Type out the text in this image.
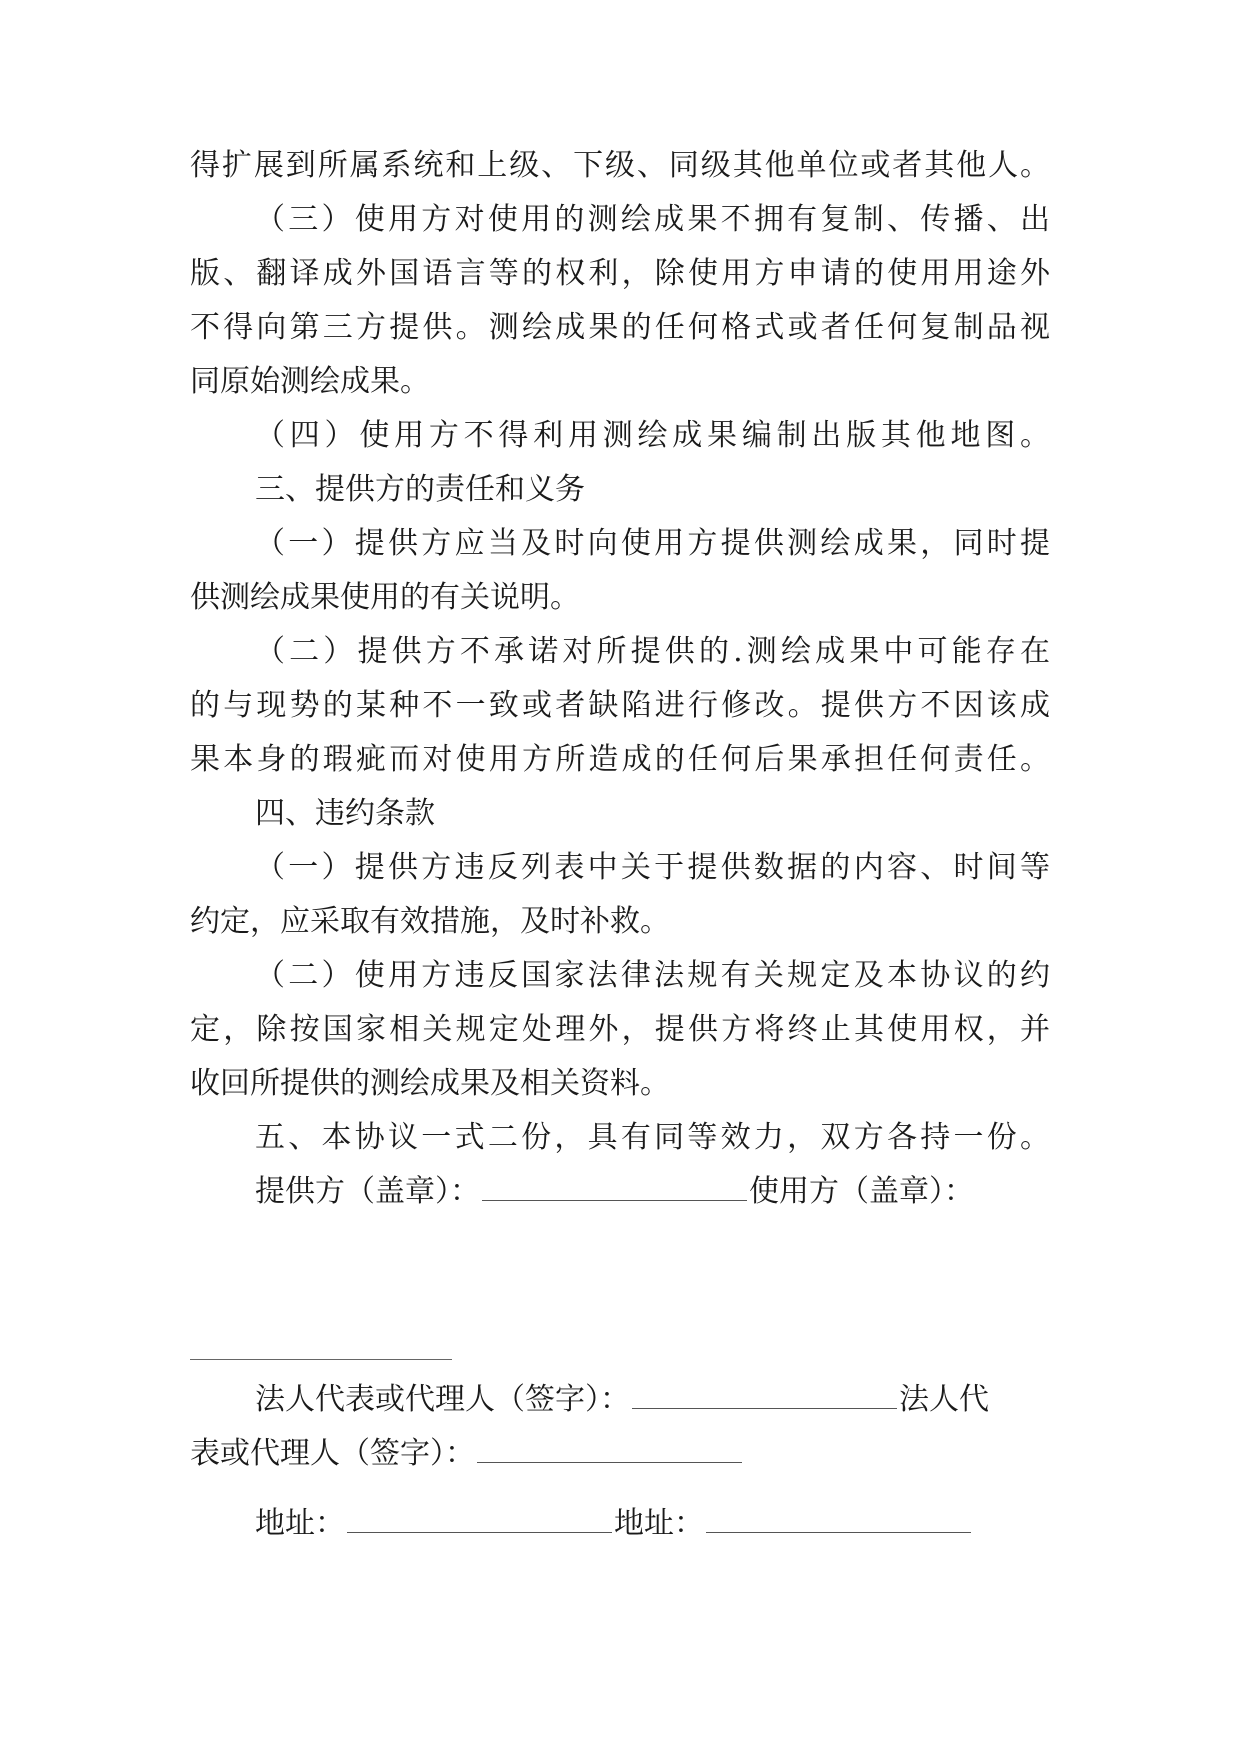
得扩展到所属系统和上级、下级、同级其他单位或者其他人。
（三）使用方对使用的测绘成果不拥有复制、传播、出
版、翻译成外国语言等的权利，除使用方申请的使用用途外
不得向第三方提供。测绘成果的任何格式或者任何复制品视
同原始测绘成果。
（四）使用方不得利用测绘成果编制出版其他地图。
三、提供方的责任和义务
（一）提供方应当及时向使用方提供测绘成果，同时提
供测绘成果使用的有关说明。
（二）提供方不承诺对所提供的.测绘成果中可能存在
的与现势的某种不一致或者缺陷进行修改。提供方不因该成
果本身的瑕疵而对使用方所造成的任何后果承担任何责任。
四、违约条款
（一）提供方违反列表中关于提供数据的内容、时间等
约定，应采取有效措施，及时补救。
（二）使用方违反国家法律法规有关规定及本协议的约
定，除按国家相关规定处理外，提供方将终止其使用权，并
收回所提供的测绘成果及相关资料。
五、本协议一式二份，具有同等效力，双方各持一份。
提供方（盖章）：	使用方（盖章）：
法人代表或代理人（签字）：	法人代
表或代理人（签字）：
地址：	地址：
